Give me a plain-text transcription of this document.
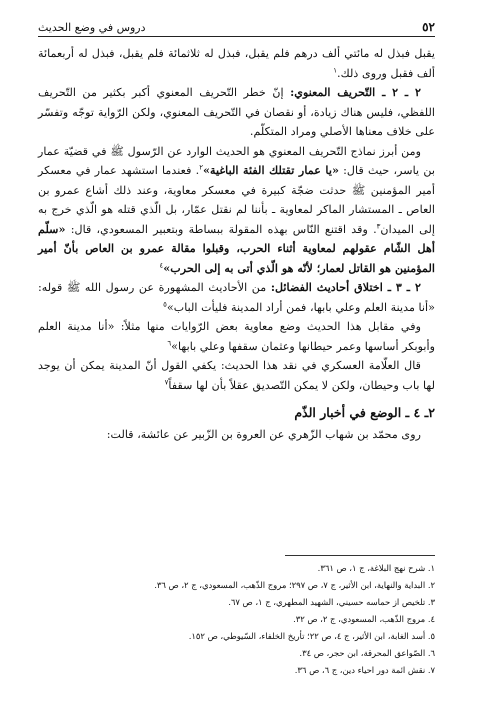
٥٢
دروس في وضع الحديث

يقبل فبذل له مائتي ألف درهم فلم يقبل، فبذل له ثلاثمائة فلم يقبل، فبذل له أربعمائة ألف فقبل وروى ذلك.$^١$

٢ ـ ٢ ـ التّحريف المعنوي: إنّ خطر التّحريف المعنوي أكبر بكثير من التّحريف اللفظي، فليس هناك زيادة، أو نقصان في التّحريف المعنوي، ولكن الرّواية توجّه وتفسّر على خلاف معناها الأصلي ومراد المتكلّم.

ومن أبرز نماذج التّحريف المعنوي هو الحديث الوارد عن الرّسول ﷺ في قضيّة عمار بن ياسر، حيث قال: «يا عمار تقتلك الفئة الباغية»$^٢$. فعندما استشهد عمار في معسكر أمير المؤمنين ﷺ حدثت ضجّة كبيرة في معسكر معاوية، وعند ذلك أشاع عمرو بن العاص ـ المستشار الماكر لمعاوية ـ بأننا لم نقتل عمّار، بل الّذي قتله هو الّذي خرج به إلى الميدان$^٣$. وقد اقتنع النّاس بهذه المقولة ببساطة وبتعبير المسعودي، قال: «سلّم أهل الشّام عقولهم لمعاوية أثناء الحرب، وقبلوا مقالة عمرو بن العاص بأنّ أمير المؤمنين هو القاتل لعمار؛ لأنّه هو الّذي أتى به إلى الحرب»$^٤$

٢ ـ ٣ ـ اختلاق أحاديث الفضائل: من الأحاديث المشهورة عن رسول الله ﷺ قوله: «أنا مدينة العلم وعلي بابها، فمن أراد المدينة فليأت الباب»$^٥$

وفي مقابل هذا الحديث وضع معاوية بعض الرّوايات منها مثلاً: «أنا مدينة العلم وأبوبكر أساسها وعمر حيطانها وعثمان سقفها وعلي بابها»$^٦$

قال العلّامة العسكري في نقد هذا الحديث: يكفي القول أنّ المدينة يمكن أن يوجد لها باب وحيطان، ولكن لا يمكن التّصديق عقلاً بأن لها سقفاً$^٧$

٢ـ ٤ ـ الوضع في أخبار الذّم

روى محمّد بن شهاب الزّهري عن العروة بن الزّبير عن عائشة، قالت:

١. شرح نهج البلاغة، ج ١، ص ٣٦١.
٢. البداية والنهاية، ابن الأثير، ج ٧، ص ٢٩٧؛ مروج الذّهب، المسعودي، ج ٢، ص ٣٦.
٣. تلخيص از حماسه حسيني، الشهيد المطهري، ج ١، ص ٦٧.
٤. مروج الذّهب، المسعودي، ج ٢، ص ٣٢.
٥. أسد الغابة، ابن الأثير، ج ٤، ص ٢٢؛ تأريخ الخلفاء، السّيوطي، ص ١٥٢.
٦. الصّواعق المحرقة، ابن حجر، ص ٣٤.
٧. نقش ائمة دور احياء دين، ج ٦، ص ٣٦.
